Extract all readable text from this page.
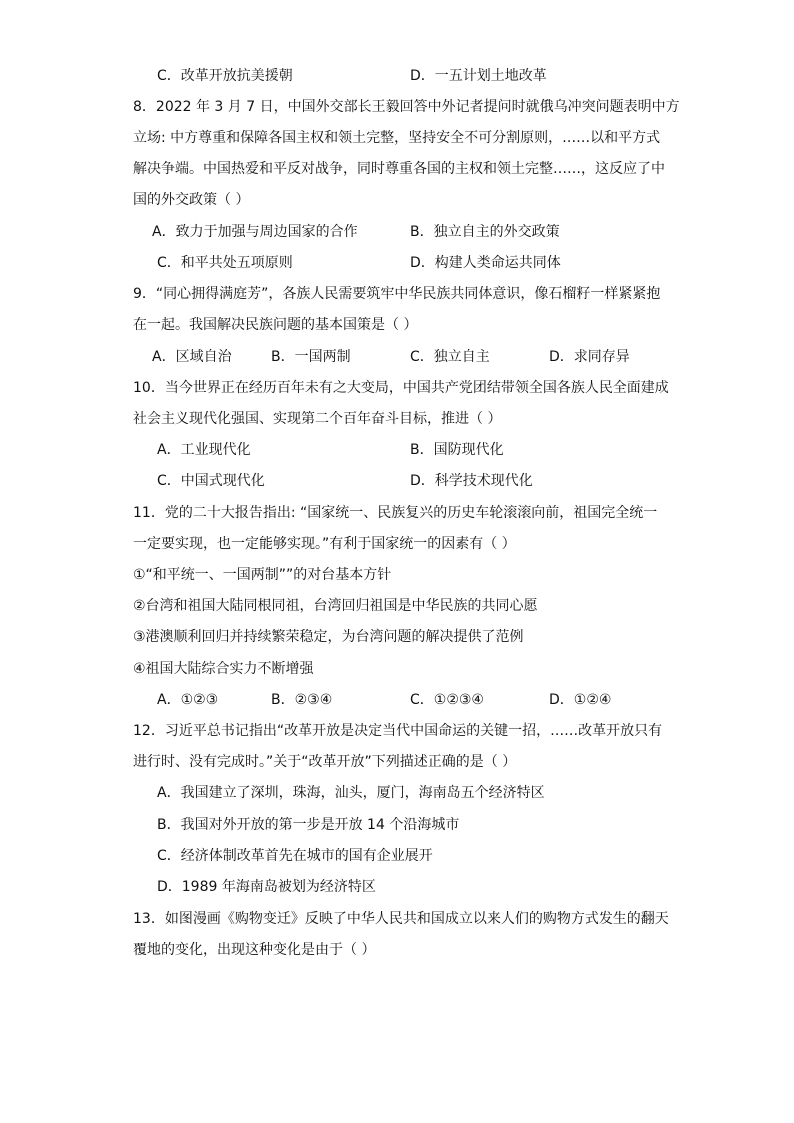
C．改革开放抗美援朝	D．一五计划土地改革
8．2022 年 3 月 7 日，中国外交部长王毅回答中外记者提问时就俄乌冲突问题表明中方
立场: 中方尊重和保障各国主权和领土完整，坚持安全不可分割原则，……以和平方式
解决争端。中国热爱和平反对战争，同时尊重各国的主权和领土完整……，这反应了中
国的外交政策（ ）
A．致力于加强与周边国家的合作	B．独立自主的外交政策
C．和平共处五项原则	D．构建人类命运共同体
9．“同心拥得满庭芳”，各族人民需要筑牢中华民族共同体意识，像石榴籽一样紧紧抱
在一起。我国解决民族问题的基本国策是（ ）
A．区域自治	B．一国两制	C．独立自主	D．求同存异
10．当今世界正在经历百年未有之大变局，中国共产党团结带领全国各族人民全面建成
社会主义现代化强国、实现第二个百年奋斗目标，推进（ ）
A．工业现代化	B．国防现代化
C．中国式现代化	D．科学技术现代化
11．党的二十大报告指出: “国家统一、民族复兴的历史车轮滚滚向前，祖国完全统一
一定要实现，也一定能够实现。”有利于国家统一的因素有（ ）
①“和平统一、一国两制””的对台基本方针
②台湾和祖国大陆同根同祖，台湾回归祖国是中华民族的共同心愿
③港澳顺利回归并持续繁荣稳定，为台湾问题的解决提供了范例
④祖国大陆综合实力不断增强
A．①②③	B．②③④	C．①②③④	D．①②④
12．习近平总书记指出“改革开放是决定当代中国命运的关键一招，……改革开放只有
进行时、没有完成时。”关于“改革开放”下列描述正确的是（ ）
A．我国建立了深圳，珠海，汕头，厦门，海南岛五个经济特区
B．我国对外开放的第一步是开放 14 个沿海城市
C．经济体制改革首先在城市的国有企业展开
D．1989 年海南岛被划为经济特区
13．如图漫画《购物变迁》反映了中华人民共和国成立以来人们的购物方式发生的翻天
覆地的变化，出现这种变化是由于（ ）
